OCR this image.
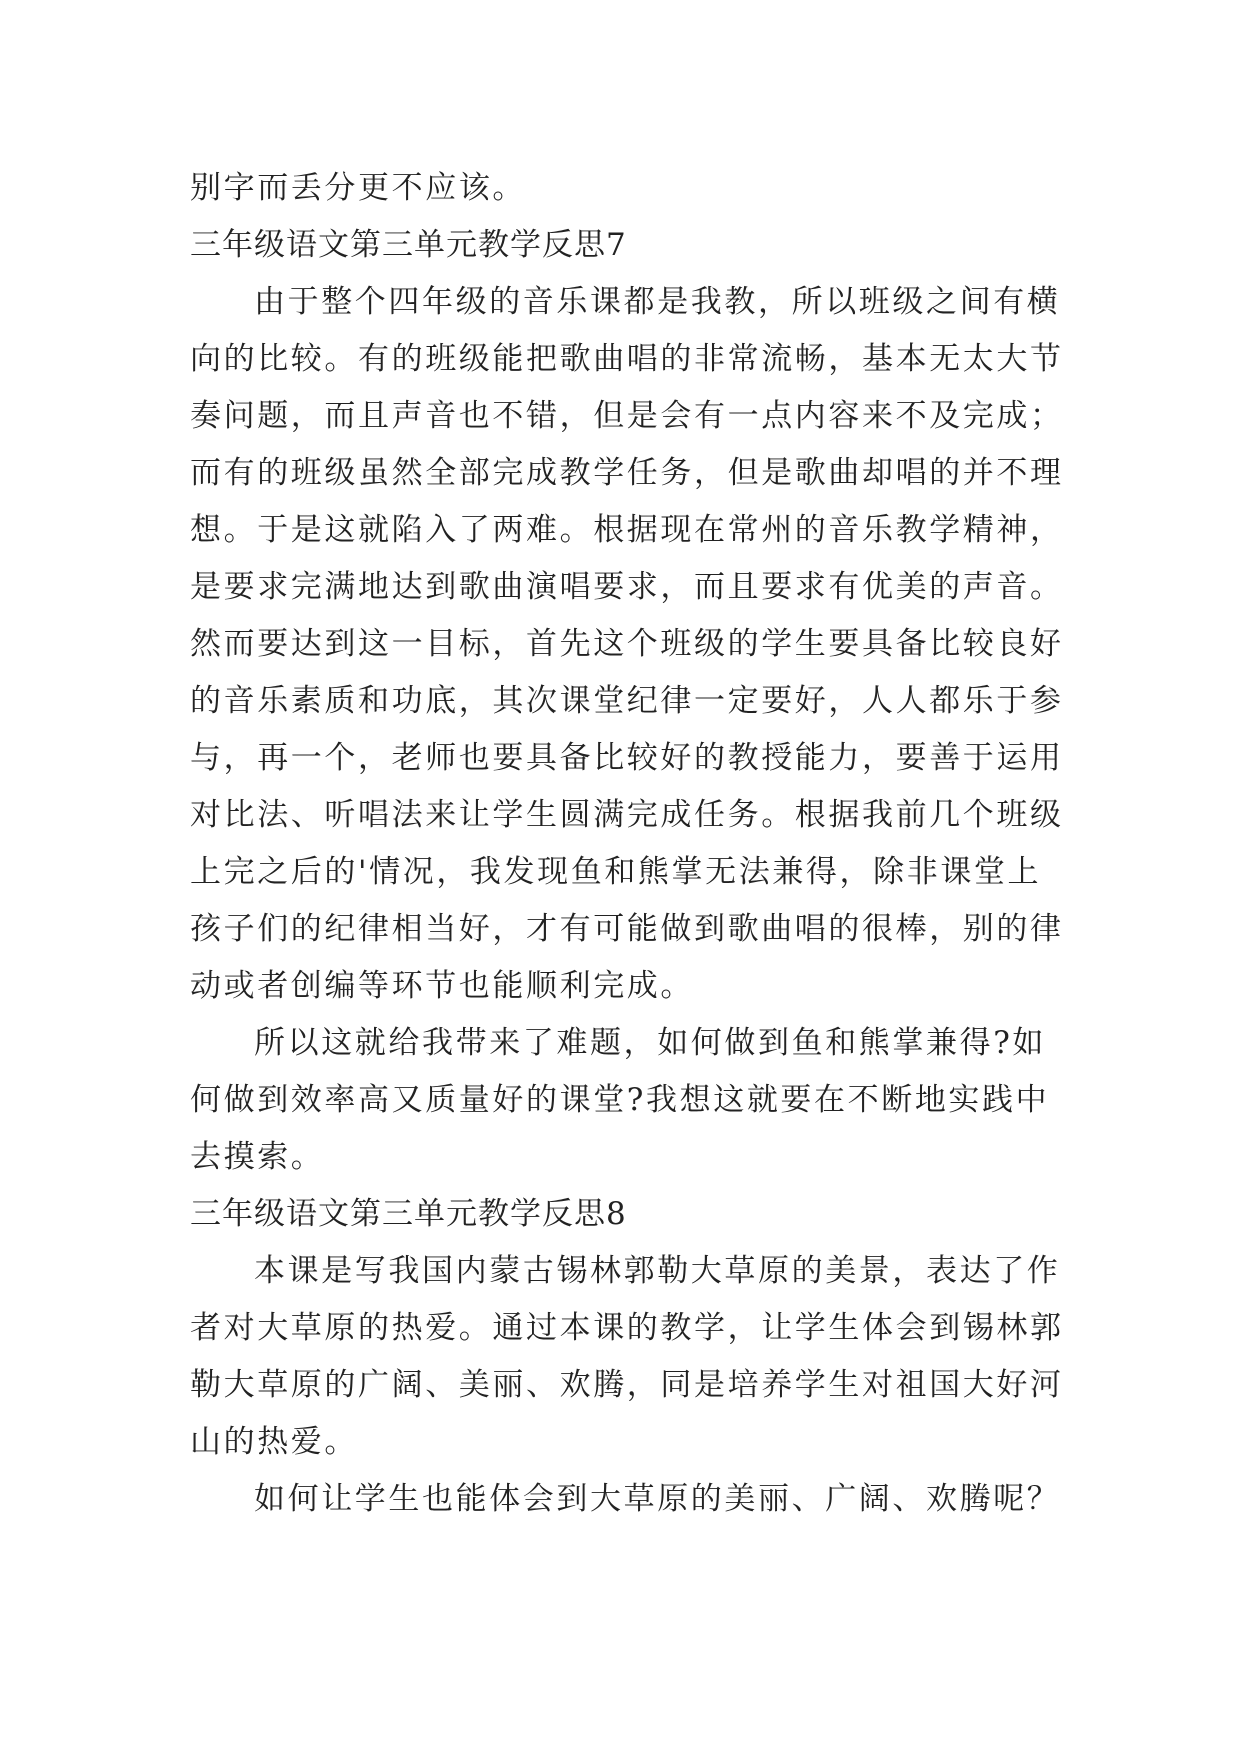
别字而丢分更不应该。
三年级语文第三单元教学反思7
由于整个四年级的音乐课都是我教，所以班级之间有横
向的比较。有的班级能把歌曲唱的非常流畅，基本无太大节
奏问题，而且声音也不错，但是会有一点内容来不及完成；
而有的班级虽然全部完成教学任务，但是歌曲却唱的并不理
想。于是这就陷入了两难。根据现在常州的音乐教学精神，
是要求完满地达到歌曲演唱要求，而且要求有优美的声音。
然而要达到这一目标，首先这个班级的学生要具备比较良好
的音乐素质和功底，其次课堂纪律一定要好，人人都乐于参
与，再一个，老师也要具备比较好的教授能力，要善于运用
对比法、听唱法来让学生圆满完成任务。根据我前几个班级
上完之后的'情况，我发现鱼和熊掌无法兼得，除非课堂上
孩子们的纪律相当好，才有可能做到歌曲唱的很棒，别的律
动或者创编等环节也能顺利完成。
所以这就给我带来了难题，如何做到鱼和熊掌兼得?如
何做到效率高又质量好的课堂?我想这就要在不断地实践中
去摸索。
三年级语文第三单元教学反思8
本课是写我国内蒙古锡林郭勒大草原的美景，表达了作
者对大草原的热爱。通过本课的教学，让学生体会到锡林郭
勒大草原的广阔、美丽、欢腾，同是培养学生对祖国大好河
山的热爱。
如何让学生也能体会到大草原的美丽、广阔、欢腾呢？
